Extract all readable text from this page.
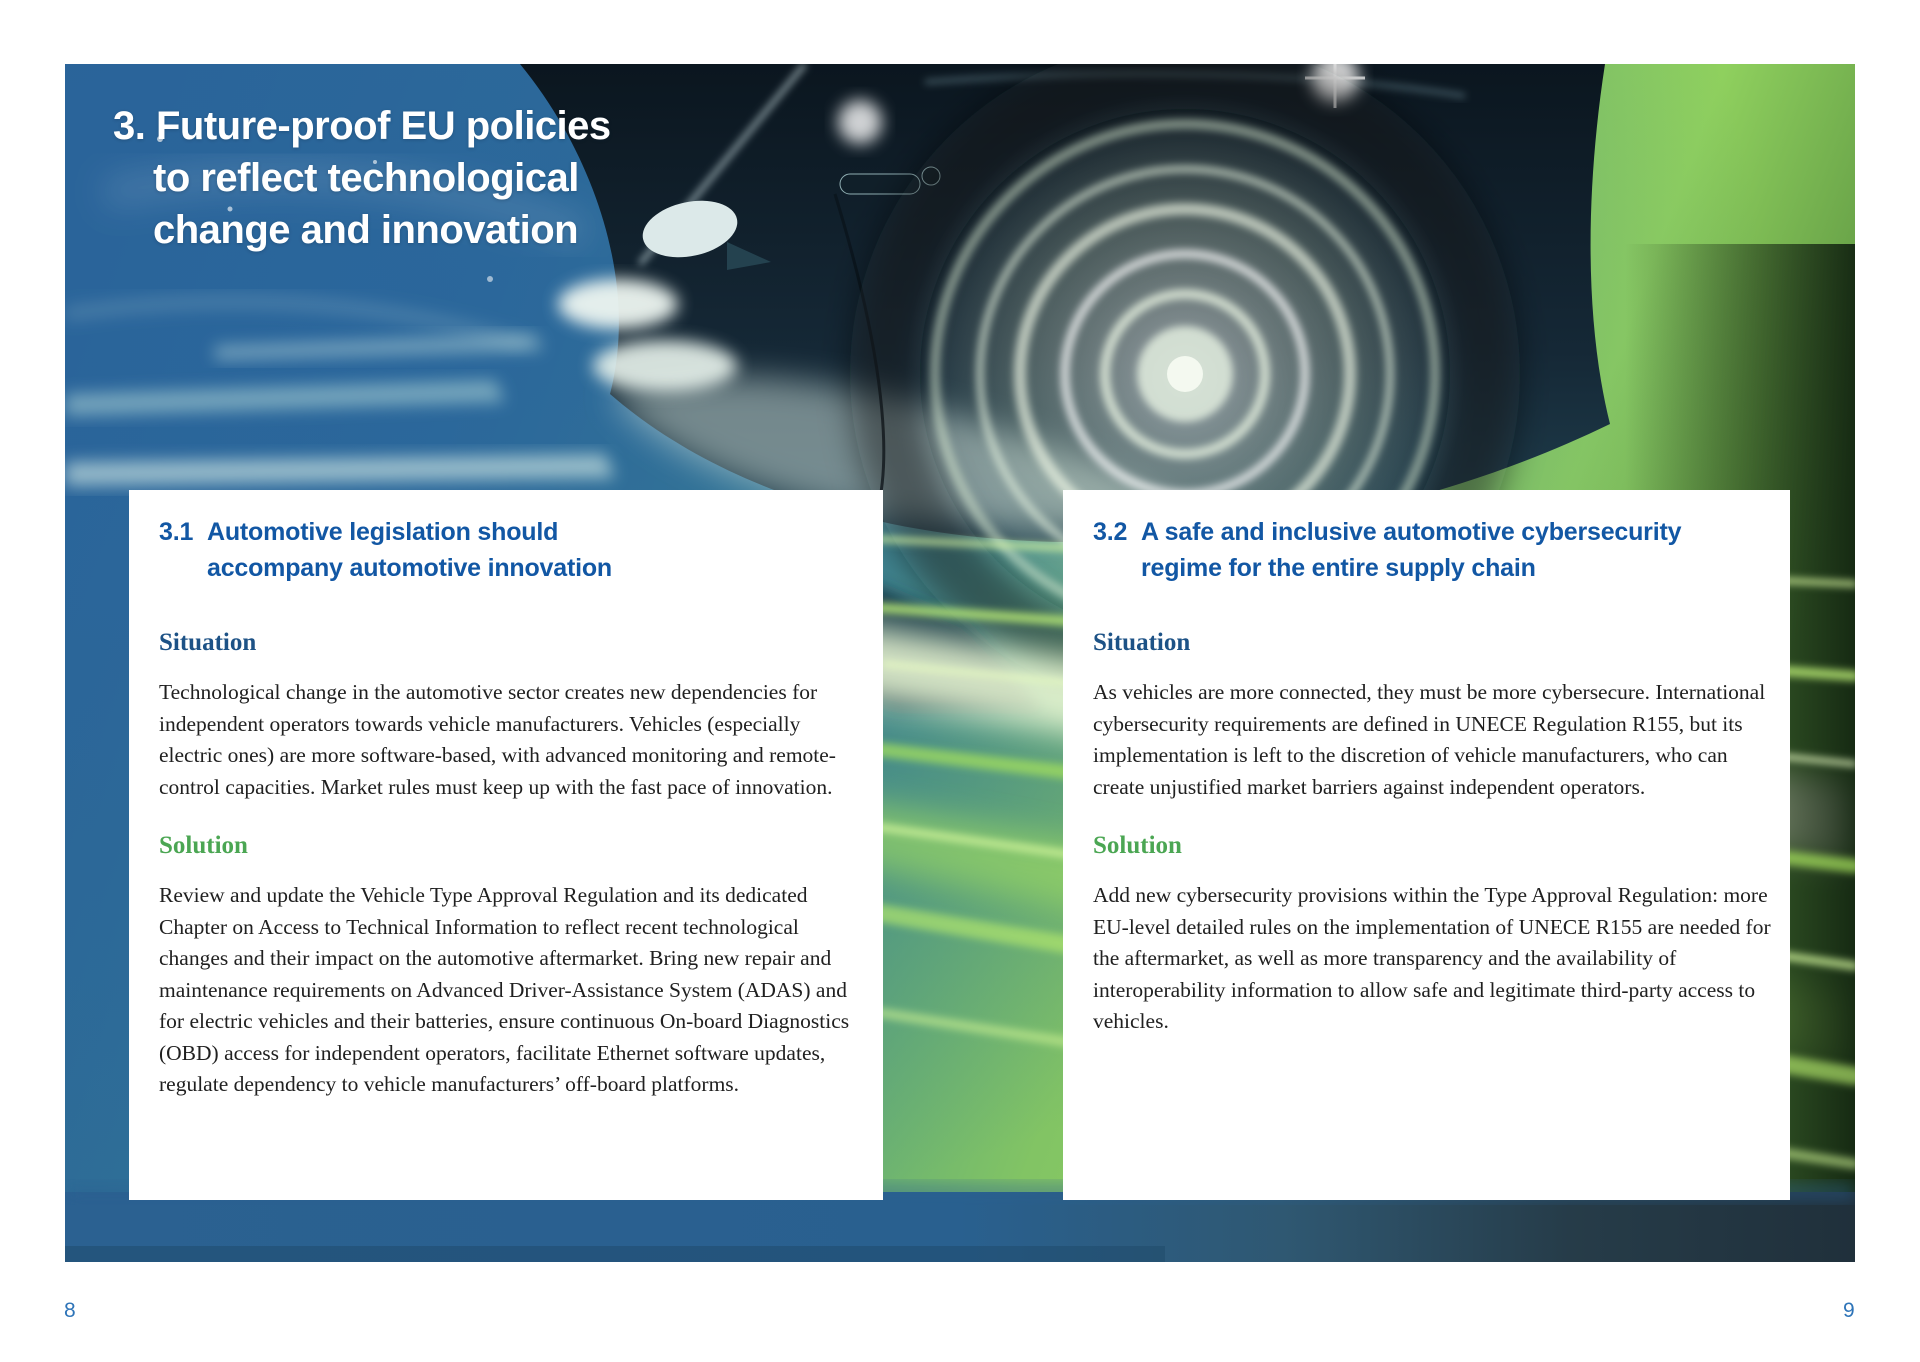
3. Future-proof EU policies
to reflect technological
change and innovation
3.1 Automotive legislation should
accompany automotive innovation
Situation

Technological change in the automotive sector creates new dependencies for independent operators towards vehicle manufacturers. Vehicles (especially electric ones) are more software-based, with advanced monitoring and remote-control capacities. Market rules must keep up with the fast pace of innovation.

Solution

Review and update the Vehicle Type Approval Regulation and its dedicated Chapter on Access to Technical Information to reflect recent technological changes and their impact on the automotive aftermarket. Bring new repair and maintenance requirements on Advanced Driver-Assistance System (ADAS) and for electric vehicles and their batteries, ensure continuous On-board Diagnostics (OBD) access for independent operators, facilitate Ethernet software updates, regulate dependency to vehicle manufacturers’ off-board platforms.

3.2 A safe and inclusive automotive cybersecurity
regime for the entire supply chain
Situation

As vehicles are more connected, they must be more cybersecure. International cybersecurity requirements are defined in UNECE Regulation R155, but its implementation is left to the discretion of vehicle manufacturers, who can create unjustified market barriers against independent operators.

Solution

Add new cybersecurity provisions within the Type Approval Regulation: more EU-level detailed rules on the implementation of UNECE R155 are needed for the aftermarket, as well as more transparency and the availability of interoperability information to allow safe and legitimate third-party access to vehicles.

8	9
